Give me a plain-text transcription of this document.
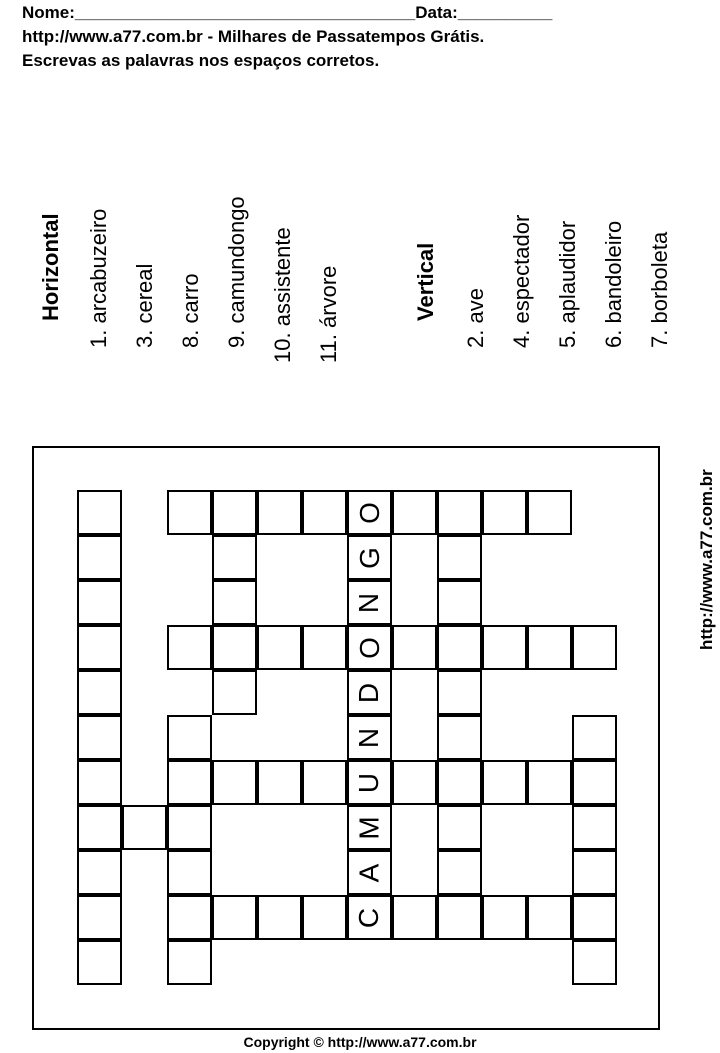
Nome:____________________________________Data:__________
http://www.a77.com.br - Milhares de Passatempos Grátis.
Escrevas as palavras nos espaços corretos.
Horizontal 1. arcabuzeiro 3. cereal 8. carro 9. camundongo 10. assistente 11. árvore	Vertical 2. ave 4. espectador 5. aplaudidor 6. bandoleiro 7. borboleta
http://www.a77.com.br
O
G
N
O
D
N
U
M
A
C
Copyright © http://www.a77.com.br
